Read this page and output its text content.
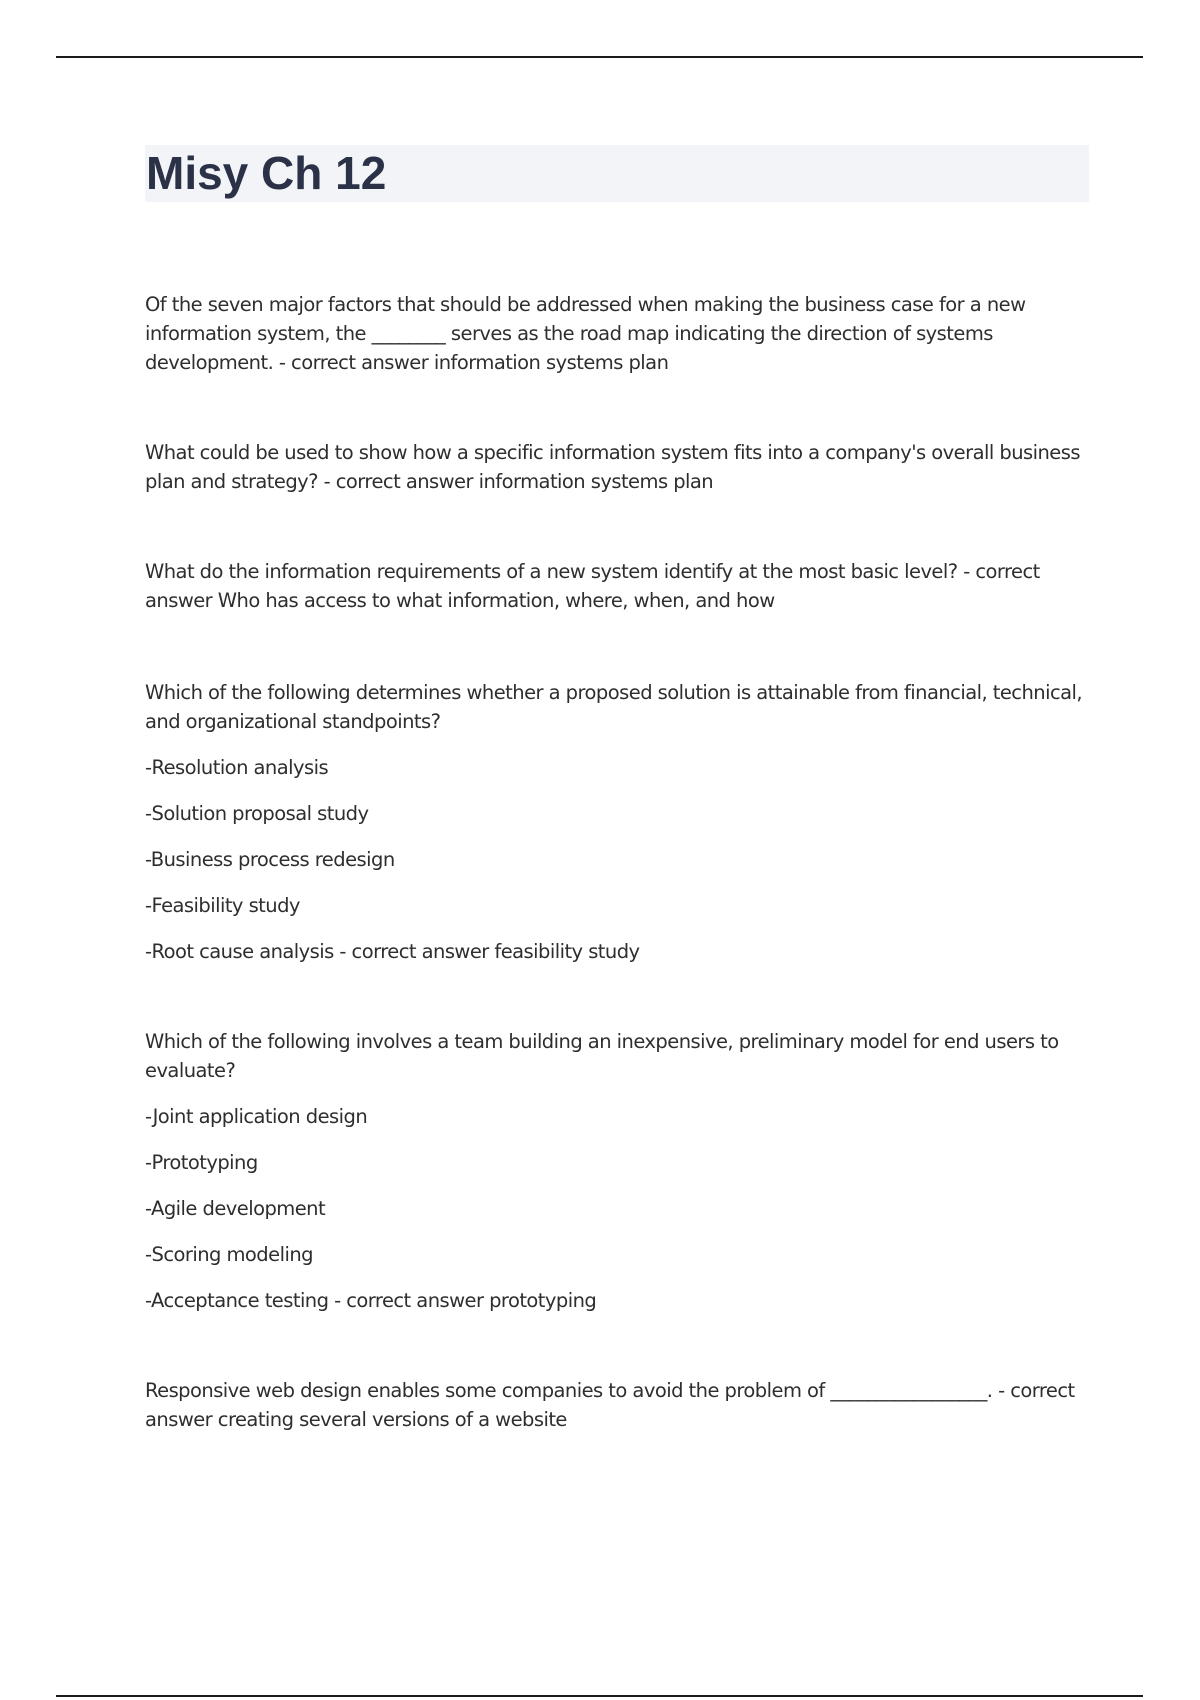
Misy Ch 12

Of the seven major factors that should be addressed when making the business case for a new information system, the ________ serves as the road map indicating the direction of systems development. - correct answer information systems plan

What could be used to show how a specific information system fits into a company's overall business plan and strategy? - correct answer information systems plan

What do the information requirements of a new system identify at the most basic level? - correct answer Who has access to what information, where, when, and how

Which of the following determines whether a proposed solution is attainable from financial, technical, and organizational standpoints?

-Resolution analysis

-Solution proposal study

-Business process redesign

-Feasibility study

-Root cause analysis - correct answer feasibility study

Which of the following involves a team building an inexpensive, preliminary model for end users to evaluate?

-Joint application design

-Prototyping

-Agile development

-Scoring modeling

-Acceptance testing - correct answer prototyping

Responsive web design enables some companies to avoid the problem of _________________. - correct answer creating several versions of a website
